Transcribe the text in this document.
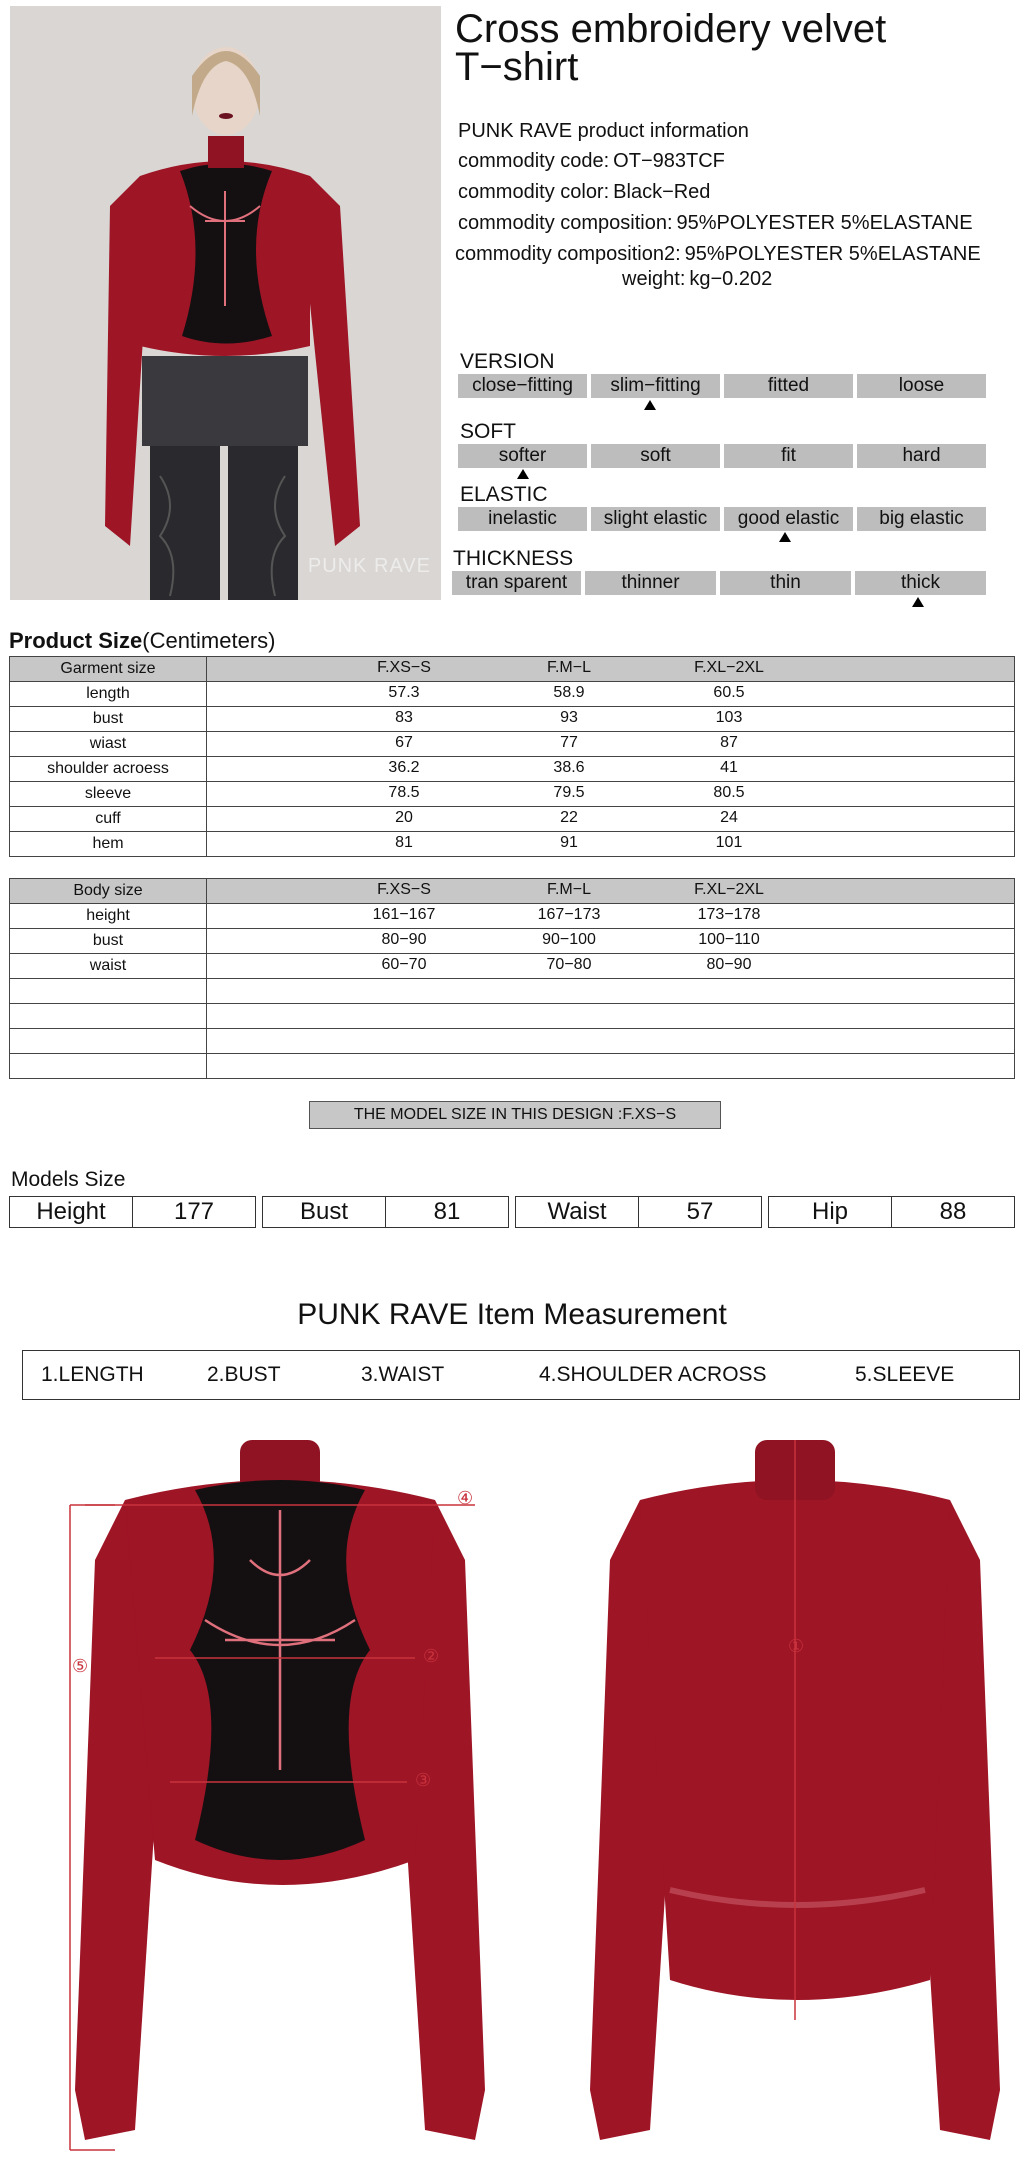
PUNK RAVE
Cross embroidery velvet T−shirt
PUNK RAVE product information
commodity code: OT−983TCF
commodity color: Black−Red
commodity composition: 95%POLYESTER 5%ELASTANE
commodity composition2: 95%POLYESTER 5%ELASTANE
weight: kg−0.202
VERSION
close−fitting	slim−fitting	fitted	loose
SOFT
softer	soft	fit	hard
ELASTIC
inelastic	slight elastic	good elastic	big elastic
THICKNESS
tran sparent	thinner	thin	thick
Product Size(Centimeters)
Garment size	F.XS−S F.M−L F.XL−2XL

length	57.3 58.9 60.5

bust	83 93 103

wiast	67 77 87

shoulder acroess	36.2 38.6 41

sleeve	78.5 79.5 80.5

cuff	20 22 24

hem	81 91 101
Body size	F.XS−S F.M−L F.XL−2XL

height	161−167 167−173 173−178

bust	80−90 90−100 100−110

waist	60−70 70−80 80−90

THE MODEL SIZE IN THIS DESIGN :F.XS−S
Models Size
Height	177	Bust	81	Waist	57	Hip	88
PUNK RAVE Item Measurement
1.LENGTH	2.BUST	3.WAIST	4.SHOULDER ACROSS	5.SLEEVE
④
②
③
⑤
①
